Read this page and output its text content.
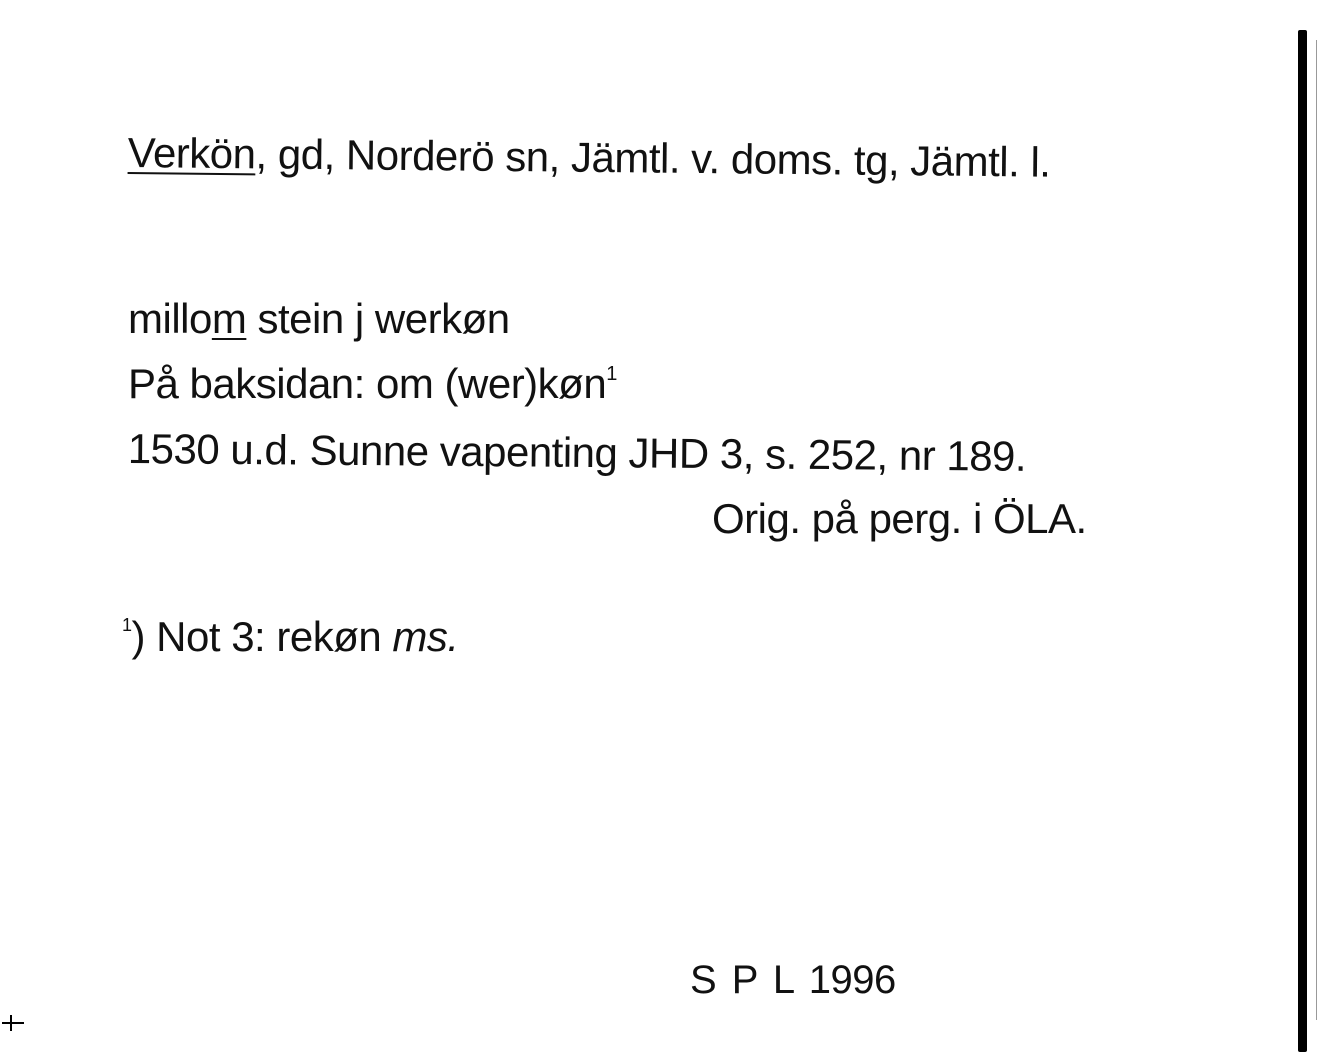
Verkön, gd, Norderö sn, Jämtl. v. doms. tg, Jämtl. l.
millom stein j werkøn
På baksidan: om (wer)køn$^1$
1530 u.d. Sunne vapenting JHD 3, s. 252, nr 189.
Orig. på perg. i ÖLA.
$^1$) Not 3: rekøn ms.
S P L 1996
